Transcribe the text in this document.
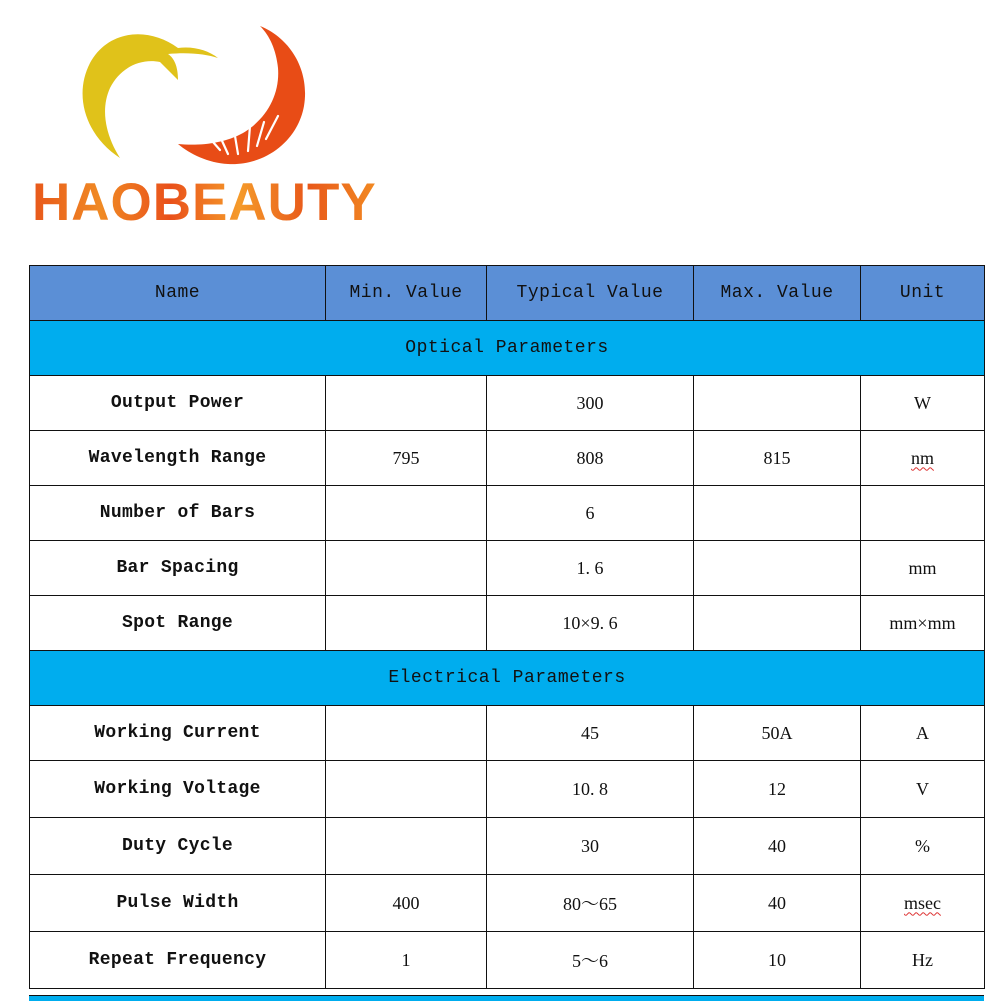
HAOBEAUTY
Name	Min. Value	Typical Value	Max. Value	Unit
Optical Parameters				
Output Power		300		W
Wavelength Range	795	808	815	nm
Number of Bars		6		
Bar Spacing		1. 6		mm
Spot Range		10×9. 6		mm×mm
Electrical Parameters				
Working Current		45	50A	A
Working Voltage		10. 8	12	V
Duty Cycle		30	40	%
Pulse Width	400	80～65	40	msec
Repeat Frequency	1	5～6	10	Hz
